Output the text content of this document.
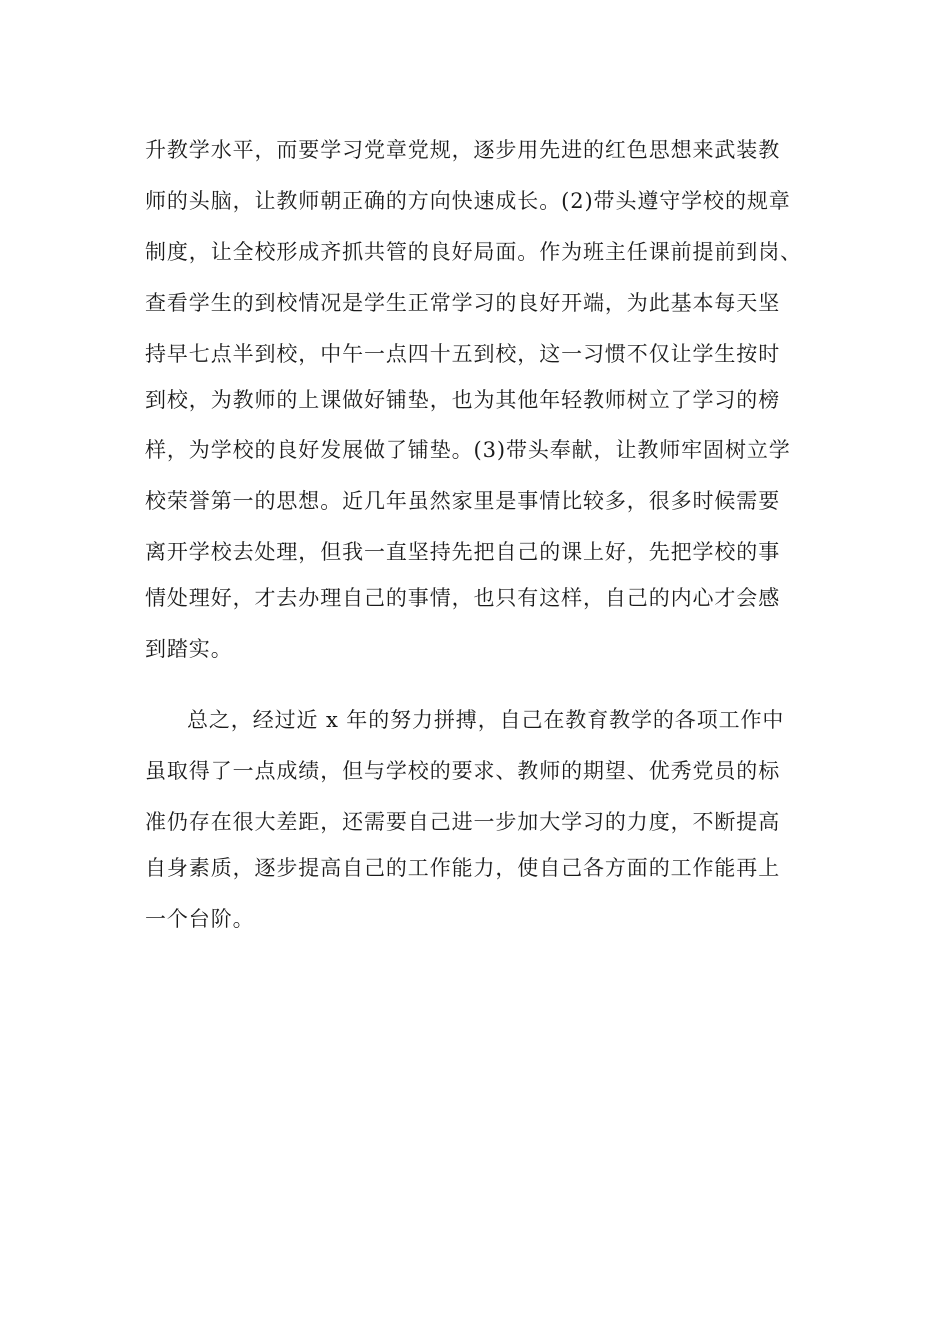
升教学水平，而要学习党章党规，逐步用先进的红色思想来武装教
师的头脑，让教师朝正确的方向快速成长。(2)带头遵守学校的规章
制度，让全校形成齐抓共管的良好局面。作为班主任课前提前到岗、
查看学生的到校情况是学生正常学习的良好开端，为此基本每天坚
持早七点半到校，中午一点四十五到校，这一习惯不仅让学生按时
到校，为教师的上课做好铺垫，也为其他年轻教师树立了学习的榜
样，为学校的良好发展做了铺垫。(3)带头奉献，让教师牢固树立学
校荣誉第一的思想。近几年虽然家里是事情比较多，很多时候需要
离开学校去处理，但我一直坚持先把自己的课上好，先把学校的事
情处理好，才去办理自己的事情，也只有这样，自己的内心才会感
到踏实。
总之，经过近 x 年的努力拼搏，自己在教育教学的各项工作中
虽取得了一点成绩，但与学校的要求、教师的期望、优秀党员的标
准仍存在很大差距，还需要自己进一步加大学习的力度，不断提高
自身素质，逐步提高自己的工作能力，使自己各方面的工作能再上
一个台阶。
